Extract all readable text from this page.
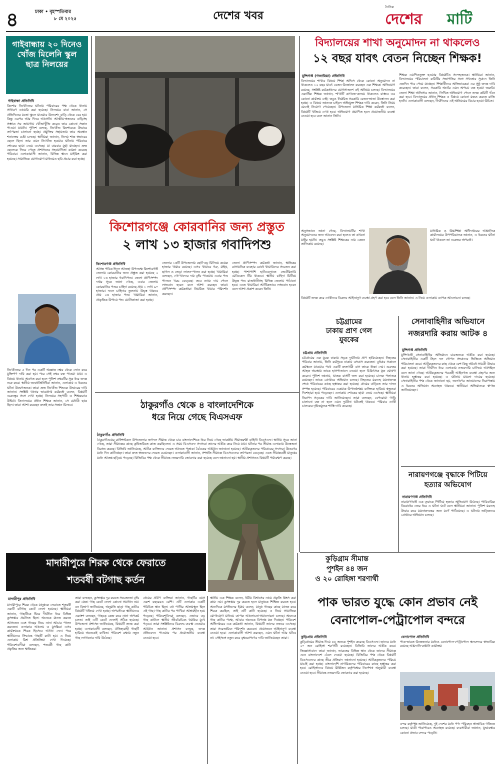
৪	ঢাকা • বৃহস্পতিবার
৮ মে ২০২৫	দেশের খবর
দৈনিক
দেশের মাটি
গাইবান্ধায় ২০ দিনেও খোঁজ মিলেনি স্কুল ছাত্র নিলয়ের
গাইবান্ধা প্রতিনিধি
কিশোর নিখোঁজের ঘটনায় পরিবারের পক্ষ থেকে থানায় সাধারণ ডায়েরি করা হয়েছে। নিলয়ের বাবা জানান, সে প্রতিদিনের মতো স্কুলে যাওয়ার উদ্দেশ্যে বাড়ি থেকে বের হয়। কিন্তু এরপর আর ফিরে আসেনি। আত্মীয়-স্বজনের বাড়িসহ সম্ভাব্য সব জায়গায় খোঁজাখুঁজি করেও তার কোনো সন্ধান পাওয়া যায়নি। পুলিশ বলছে, নিখোঁজ কিশোরকে উদ্ধারে তৎপরতা চালানো হচ্ছে। প্রযুক্তির সহায়তায় তার অবস্থান শনাক্তের চেষ্টা চলছে। স্থানীয়রা জানান, নিলয় শান্ত স্বভাবের ছেলে ছিল। তার এমন নিখোঁজ হওয়ার ঘটনায় পরিবারে শোকের ছায়া নেমে এসেছে। মা বারবার মূর্ছা যাচ্ছেন। দ্রুত ছেলেকে ফিরে পেতে প্রশাসনের সহযোগিতা কামনা করেছে পরিবার। এলাকাবাসী জানান, বিভিন্ন স্থানে মাইকিং করা হয়েছে। সামাজিক যোগাযোগ মাধ্যমেও ছবি প্রচার করা হচ্ছে।
নিখোঁজের ৫ দিন পর একটি অজ্ঞাত নম্বর থেকে ফোন করে মুক্তিপণ দাবি করা হয়। পরে সেই নম্বর বন্ধ পাওয়া যায়। এ বিষয়ে থানায় অবগত করা হলে পুলিশ নম্বরটির সূত্র ধরে তদন্ত শুরু করে। স্থানীয় জনপ্রতিনিধিরা জানান, এলাকায় এ ধরনের ঘটনা উদ্বেগজনক। তারা দ্রুত নিখোঁজ শিশুকে উদ্ধারের দাবি জানান। সংশ্লিষ্ট থানার ভারপ্রাপ্ত কর্মকর্তা বলেন, বিষয়টি গুরুত্বের সঙ্গে দেখা হচ্ছে। নিলয়ের সহপাঠী ও শিক্ষকরাও উদ্বিগ্ন। বিদ্যালয়ের প্রধান শিক্ষক জানান, সে মেধাবী ছাত্র ছিল। তারা আশা করছেন দ্রুতই তার সন্ধান মিলবে।
বিদ্যালয়ের শাখা অনুমোদন না থাকলেও
১২ বছর যাবৎ বেতন নিচ্ছেন শিক্ষক!
মুন্সিগঞ্জ (গজারিয়া) প্রতিনিধি
বিদ্যালয়ের শাখার বিষয়ে শিক্ষা অফিস থেকে কোনো অনুমোদন না থাকলেও ১২ বছর যাবৎ বেতন উত্তোলন করছেন এক শিক্ষক। অভিযোগ রয়েছে, সংশ্লিষ্ট কর্মকর্তাদের যোগসাজশে এই অনিয়ম চলছে। বিদ্যালয়ের একাধিক শিক্ষক জানান, শাখাটি কাগজে-কলমে থাকলেও বাস্তবে এর কোনো কার্যক্রম নেই। তবুও নিয়মিত সরকারি বেতন-ভাতা উত্তোলন করা হচ্ছে। এ বিষয়ে জানতে চাইলে অভিযুক্ত শিক্ষক দাবি করেন, তিনি নিয়ম মেনেই নিয়োগ পেয়েছেন। উপজেলা মাধ্যমিক শিক্ষা কর্মকর্তা বলেন, বিষয়টি খতিয়ে দেখা হবে। অভিযোগ প্রমাণিত হলে প্রয়োজনীয় ব্যবস্থা নেওয়া হবে বলে জানান তিনি।
শিক্ষক এমপিওভুক্ত হওয়ার বিষয়টিও সন্দেহজনক। স্থানীয়রা জানান, বিদ্যালয়ের পরিচালনা কমিটির সভাপতির সঙ্গে সখ্যতার সুবাদে তিনি এতদিন পার পেয়ে যাচ্ছেন। শিক্ষার্থীদের অভিভাবকরা এর সুষ্ঠু তদন্ত দাবি করেছেন। তারা বলেন, সরকারি অর্থের এমন অপচয় বন্ধ হওয়া জরুরি। জেলা শিক্ষা অফিসার জানান, লিখিত অভিযোগ পেলে তদন্ত কমিটি গঠন করা হবে। বিদ্যালয়ের প্রধান শিক্ষক এ বিষয়ে কোনো মন্তব্য করতে রাজি হননি। এলাকাবাসী বলছেন, দীর্ঘদিনের এই অনিয়মের বিচার হওয়া উচিত।
অনুসন্ধানে জানা গেছে, বিদ্যালয়টির শাখা অনুমোদনের জন্য আবেদন করা হলেও তা কখনো মঞ্জুর হয়নি। তবুও সংশ্লিষ্ট শিক্ষকের নাম বেতন তালিকায় রয়েছে।
মাধ্যমিক ও উচ্চশিক্ষা অধিদপ্তরের আঞ্চলিক কার্যালয়ের উপপরিচালক জানান, এ ধরনের ঘটনা ঘটে থাকলে তা গুরুতর অপরাধ।
বিষয়টি তদন্ত করে দোষীদের বিরুদ্ধে আইনানুগ ব্যবস্থা গ্রহণ করা হবে বলে তিনি জানান। এ নিয়ে এলাকায় ব্যাপক আলোচনা চলছে।
কিশোরগঞ্জে কোরবানির জন্য প্রস্তুত
২ লাখ ১৩ হাজার গবাদিপশু
কিশোরগঞ্জ প্রতিনিধি
আসন্ন পবিত্র ঈদুল আজহা উপলক্ষে কিশোরগঞ্জ জেলায় কোরবানির জন্য প্রস্তুত করা হয়েছে ২ লাখ ১৩ হাজার গবাদিপশু। জেলা প্রাণিসম্পদ দপ্তর সূত্রে জানা গেছে, এবার জেলায় কোরবানির পশুর চাহিদা রয়েছে প্রায় ১ লাখ ৯০ হাজার। ফলে চাহিদার তুলনায় উদ্বৃত্ত থাকবে প্রায় ২৩ হাজার পশু। খামারিরা জানান, প্রাকৃতিক উপায়ে পশু মোটাতাজা করা হচ্ছে।
জেলার ১৩টি উপজেলায় ছোট-বড় মিলিয়ে কয়েক হাজার খামার রয়েছে। এসব খামারে গরু, মহিষ, ছাগল ও ভেড়া লালন-পালন করা হচ্ছে। খামারিরা বলছেন, গো-খাদ্যের দাম বৃদ্ধি পাওয়ায় এবার পশু পালনে খরচ বেড়েছে। তবে ন্যায্য দাম পেলে লাভবান হবেন বলে আশা করছেন তারা। প্রাণিসম্পদ কর্মকর্তারা নিয়মিত খামার পরিদর্শন করছেন।
জেলা প্রাণিসম্পদ কর্মকর্তা জানান, ক্ষতিকর রাসায়নিক ব্যবহার রোধে খামারিদের সচেতন করা হচ্ছে। পাশাপাশি হাটগুলোতে ভেটেরিনারি মেডিকেল টিম থাকবে। স্থানীয় চাহিদা মিটিয়ে উদ্বৃত্ত পশু রাজধানীসহ বিভিন্ন জেলায় পাঠানো হবে। এতে খামারিরা আর্থিকভাবে লাভবান হবেন বলে আশা প্রকাশ করেন তিনি।
ঠাকুরগাঁও থেকে ৪ বাংলাদেশিকে
ধরে নিয়ে গেছে বিএসএফ
ঠাকুরগাঁও প্রতিনিধি
ঠাকুরগাঁওয়ের রানীশংকৈল উপজেলার জগদল সীমান্ত থেকে চার বাংলাদেশিকে ধরে নিয়ে গেছে ভারতীয় সীমান্তরক্ষী বাহিনী বিএসএফ। স্থানীয় সূত্রে জানা গেছে, তারা সীমান্তের কাছে কৃষিজমিতে কাজ করছিলেন। এ সময় বিএসএফ সদস্যরা তাদের আটক করে নিয়ে যায়। ঘটনার পর সীমান্ত এলাকায় উত্তেজনা বিরাজ করছে। বিজিবি জানিয়েছে, আটক ব্যক্তিদের ফেরত আনতে পতাকা বৈঠকের আহ্বান জানানো হয়েছে। আটককৃতদের পরিবারের সদস্যরা উদ্বেগের মধ্যে দিন কাটাচ্ছেন। তারা দ্রুত স্বজনদের ফেরত চেয়েছেন। এলাকাবাসী জানান, সম্প্রতি সীমান্তে বিএসএফের তৎপরতা বেড়েছে। এতে সীমান্তবর্তী মানুষের মধ্যে আতঙ্ক ছড়িয়ে পড়েছে। বিজিবির পক্ষ থেকে সীমান্তে নজরদারি জোরদার করা হয়েছে বলে জানানো হয়। স্থানীয় প্রশাসনও বিষয়টি পর্যবেক্ষণ করছে।
চট্টগ্রামের
ঢাকায় প্রাণ গেল
যুবকের
চট্টগ্রাম প্রতিনিধি
চট্টগ্রামের এক যুবক ঢাকায় সড়ক দুর্ঘটনায় প্রাণ হারিয়েছেন। নিহতের পরিবার জানায়, তিনি কর্মসূত্রে ঢাকায় বসবাস করতেন। বুধবার সকালে কর্মস্থলে যাওয়ার পথে একটি দ্রুতগামী বাস তাকে ধাক্কা দেয়। গুরুতর আহত অবস্থায় তাকে হাসপাতালে নেওয়া হলে চিকিৎসক মৃত ঘোষণা করেন। পুলিশ জানায়, ঘাতক বাসটি জব্দ করা হয়েছে। চালক পলাতক রয়েছেন। তাকে গ্রেপ্তারে অভিযান চলছে। নিহতের মরদেহ ময়নাতদন্ত শেষে পরিবারের কাছে হস্তান্তর করা হয়েছে। গ্রামের বাড়িতে তার দাফন সম্পন্ন হয়েছে। পরিবারের একমাত্র উপার্জনক্ষম ব্যক্তিকে হারিয়ে স্বজনরা দিশেহারা হয়ে পড়েছেন। এলাকায় শোকের ছায়া নেমে এসেছে। স্থানীয়রা নিরাপদ সড়কের দাবি জানিয়েছেন। তারা বলছেন, বেপরোয়া গাড়ি চালানো বন্ধ না হলে এমন দুর্ঘটনা ঘটতেই থাকবে। পরিবার দোষী চালকের দৃষ্টান্তমূলক শাস্তি দাবি করেছে।
সেনাবাহিনীর অভিযানে
নজরদারি করায় আটক ৪
মুন্সিগঞ্জ প্রতিনিধি
মুন্সিগঞ্জে সেনাবাহিনীর অভিযানে চারজনকে আটক করা হয়েছে। সেনাবাহিনীর একটি টহল দল গোপন সংবাদের ভিত্তিতে অভিযান পরিচালনা করে। আটককৃতদের কাছ থেকে বেশ কিছু অবৈধ সামগ্রী উদ্ধার করা হয়েছে। তারা দীর্ঘদিন ধরে এলাকায় নজরদারি চালিয়ে আসছিল বলে জানা গেছে। আটককৃতদের পরবর্তী আইনগত ব্যবস্থা গ্রহণের জন্য থানায় হস্তান্তর করা হয়েছে। এ ঘটনায় মামলা দায়ের হয়েছে। সেনাবাহিনীর পক্ষ থেকে জানানো হয়, জনগণের জানমালের নিরাপত্তায় এ ধরনের অভিযান অব্যাহত থাকবে। স্থানীয়রা অভিযানকে স্বাগত জানিয়েছেন।
নারায়ণগঞ্জে বৃদ্ধাকে পিটিয়ে হত্যার অভিযোগ
নারায়ণগঞ্জ প্রতিনিধি
নারায়ণগঞ্জে এক বৃদ্ধাকে পিটিয়ে হত্যার অভিযোগ উঠেছে। পারিবারিক বিরোধের জের ধরে এ ঘটনা ঘটে বলে স্থানীয়রা জানান। পুলিশ মরদেহ উদ্ধার করে ময়নাতদন্তের জন্য মর্গে পাঠিয়েছে। এ ঘটনায় জড়িতদের গ্রেপ্তারে অভিযান চলছে।
মাদারীপুরে শিরক থেকে ফেরাতে
শতবর্ষী বটগাছ কর্তন
কুড়িগ্রাম সীমান্ত
পুশইন ৪৪ জন
ও ২০ রোহিঙ্গা শরণার্থী
পাক ভারত যুদ্ধে কোন প্রভাব নেই
বেনাপোল-পেট্রাপোল বন্দরে
মাদারীপুর প্রতিনিধি
মাদারীপুরে শিরক থেকে মানুষকে ফেরাতে শতবর্ষী একটি বটগাছ কেটে ফেলা হয়েছে। স্থানীয়রা জানান, গাছটিকে ঘিরে দীর্ঘদিন ধরে বিভিন্ন কুসংস্কার প্রচলিত ছিল। অনেকে মানত করতে আসতেন এবং গাছের নিচে নানা আচার পালন করতেন। এলাকার আলেম ও মুসল্লিরা এসব কার্যক্রমকে শিরক হিসেবে আখ্যা দেন। পরে স্থানীয়দের সিদ্ধান্তে গাছটি কাটা হয়। এ নিয়ে এলাকায় মিশ্র প্রতিক্রিয়া দেখা দিয়েছে। পরিবেশবাদীরা বলছেন, শতবর্ষী গাছ কাটা প্রকৃতির জন্য ক্ষতিকর।
তারা বলছেন, কুসংস্কার দূর করতে সচেতনতা বৃদ্ধি করা যেত। গাছ কেটে ফেলা কোনো সমাধান নয়। বন বিভাগ জানিয়েছে, অনুমতি ছাড়া গাছ কাটার বিষয়টি খতিয়ে দেখা হচ্ছে। অপরদিকে স্থানীয়দের একাংশ বলছেন, গাছকে কেন্দ্র করে নানা অপকর্ম চলত। তাই এটি কেটে ফেলাই সঠিক হয়েছে। উপজেলা প্রশাসন জানিয়েছে, বিষয়টি তদন্ত করা হচ্ছে। এলাকাবাসী বলছেন, ঐতিহ্যবাহী গাছটি হারিয়ে অনেকেই ব্যথিত। পরিবেশ রক্ষায় নতুন গাছ লাগানোর দাবি উঠেছে।
গ্রামের প্রবীণ ব্যক্তিরা জানান, গাছটির বয়স একশ বছরেরও বেশি। এটি এলাকার একটি পরিচিত স্থান ছিল। বহু পাখির আশ্রয়স্থল ছিল এই গাছ। গাছ কাটার পর পাখিরা আশ্রয়হীন হয়ে পড়েছে। পরিবেশবিদরা বলছেন, এভাবে বড় গাছ কাটলে স্থানীয় জীববৈচিত্র্য হুমকির মুখে পড়বে। তারা সংশ্লিষ্টদের বিরুদ্ধে ব্যবস্থা নেওয়ার আহ্বান জানান। প্রশাসন বলছে, তদন্ত প্রতিবেদন পাওয়ার পর প্রয়োজনীয় ব্যবস্থা নেওয়া হবে।
স্থানীয় এক শিক্ষক বলেন, ধর্মীয় বিশ্বাসের নামে প্রকৃতি ধ্বংস করা কাম্য নয়। কুসংস্কার দূর করতে হলে মানুষকে শিক্ষিত করতে হবে। অন্যদিকে মসজিদের ইমাম বলেন, মানুষ গাছের কাছে মানত করে শিরক করছিল, তাই এটি কাটা হয়েছে। এ নিয়ে সামাজিক যোগাযোগ মাধ্যমে ব্যাপক আলোচনা-সমালোচনা চলছে। অনেকে গাছ কাটার পক্ষে, আবার অনেকে বিপক্ষে মত দিচ্ছেন। পরিবেশ অধিদপ্তরের এক কর্মকর্তা জানান, বিষয়টি তাদের নজরে এসেছে। তারা সরেজমিনে পরিদর্শন করবেন। প্রয়োজনে আইনানুগ ব্যবস্থা নেওয়া হবে। এলাকাবাসী আশা করছেন, এমন ঘটনা আর ঘটবে না। সেইসঙ্গে নতুন করে বৃক্ষরোপণের দাবি জানিয়েছেন তারা।	কুড়িগ্রাম প্রতিনিধি
কুড়িগ্রামের সীমান্ত দিয়ে ৪৪ জনকে পুশইন করেছে বিএসএফ। তাদের মধ্যে ২০ জন রোহিঙ্গা শরণার্থী রয়েছেন। বিজিবি তাদের আটক করে। জিজ্ঞাসাবাদে তারা জানান, ভারতের বিভিন্ন স্থান থেকে তাদের সীমান্তে এনে বাংলাদেশে ঠেলে দেওয়া হয়েছে। বিজিবির পক্ষ থেকে বিষয়টি বিএসএফের কাছে তীব্র প্রতিবাদ জানানো হয়েছে। আটককৃতদের পরিচয় যাচাই করা হচ্ছে। বাংলাদেশি নাগরিকদের পরিবারের কাছে হস্তান্তর করা হবে। রোহিঙ্গাদের বিষয়ে ঊর্ধ্বতন কর্তৃপক্ষের নির্দেশনা অনুযায়ী ব্যবস্থা নেওয়া হবে। সীমান্তে নজরদারি জোরদার করা হয়েছে।
বেনাপোল প্রতিনিধি
পাক-ভারত উত্তেজনার মধ্যেও বেনাপোল-পেট্রাপোল স্থলবন্দরে স্বাভাবিক রয়েছে আমদানি-রপ্তানি কার্যক্রম।
বন্দর কর্তৃপক্ষ জানিয়েছে, দুই দেশের মধ্যে পণ্য পরিবহন স্বাভাবিক গতিতে চলছে। যাত্রী পারাপারও অব্যাহত রয়েছে। ব্যবসায়ীরা জানান, যুদ্ধাবস্থার কোনো প্রভাব বন্দরে পড়েনি।
